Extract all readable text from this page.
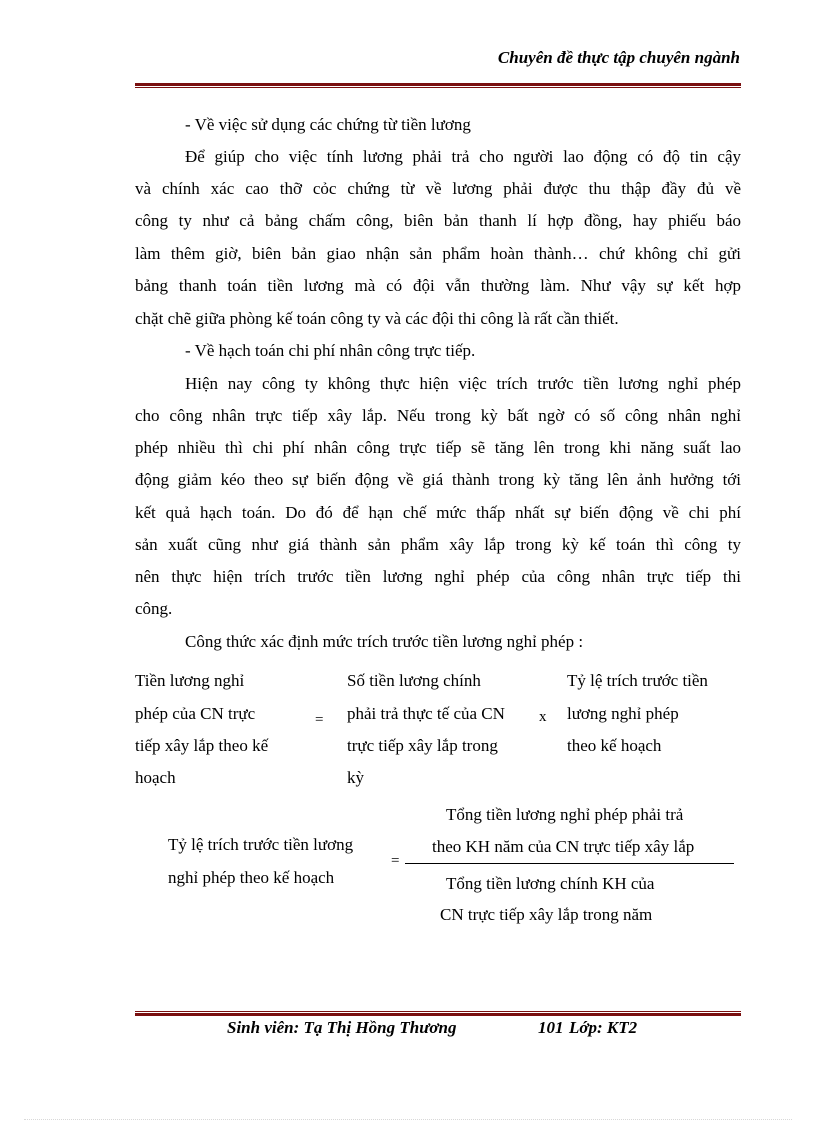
Chuyên đề thực tập chuyên ngành
- Về việc sử dụng các chứng từ tiền lương
Để giúp cho việc tính lương phải trả cho người lao động có độ tin cậy
và chính xác cao thỡ cỏc chứng từ về lương phải được thu thập đầy đủ về
công ty như cả bảng chấm công, biên bản thanh lí hợp đồng, hay phiếu báo
làm thêm giờ, biên bản giao nhận sản phẩm hoàn thành… chứ không chỉ gửi
bảng thanh toán tiền lương mà có đội vẫn thường làm. Như vậy sự kết hợp
chặt chẽ giữa phòng kế toán công ty và các đội thi công là rất cần thiết.
- Về hạch toán chi phí nhân công trực tiếp.
Hiện nay công ty không thực hiện việc trích trước tiền lương nghỉ phép
cho công nhân trực tiếp xây lắp. Nếu trong kỳ bất ngờ có số công nhân nghỉ
phép nhiều thì chi phí nhân công trực tiếp sẽ tăng lên trong khi năng suất lao
động giảm kéo theo sự biến động về giá thành trong kỳ tăng lên ảnh hưởng tới
kết quả hạch toán. Do đó để hạn chế mức thấp nhất sự biến động về chi phí
sản xuất cũng như giá thành sản phẩm xây lắp trong kỳ kế toán thì công ty
nên thực hiện trích trước tiền lương nghỉ phép của công nhân trực tiếp thi
công.
Công thức xác định mức trích trước tiền lương nghỉ phép :
Tiền lương nghỉ
phép của CN trực
tiếp xây lắp theo kế
hoạch
=
Số tiền lương chính
phải trả thực tế của CN
trực tiếp xây lắp trong
kỳ
x
Tỷ lệ trích trước tiền
lương nghỉ phép
theo kế hoạch
Tỷ lệ trích trước tiền lương
nghỉ phép theo kế hoạch
=
Tổng tiền lương nghỉ phép phải trả
theo KH năm của CN trực tiếp xây lắp
Tổng tiền lương chính KH của
CN trực tiếp xây lắp trong năm
Sinh viên: Tạ Thị Hồng Thương	101 Lớp: KT2
